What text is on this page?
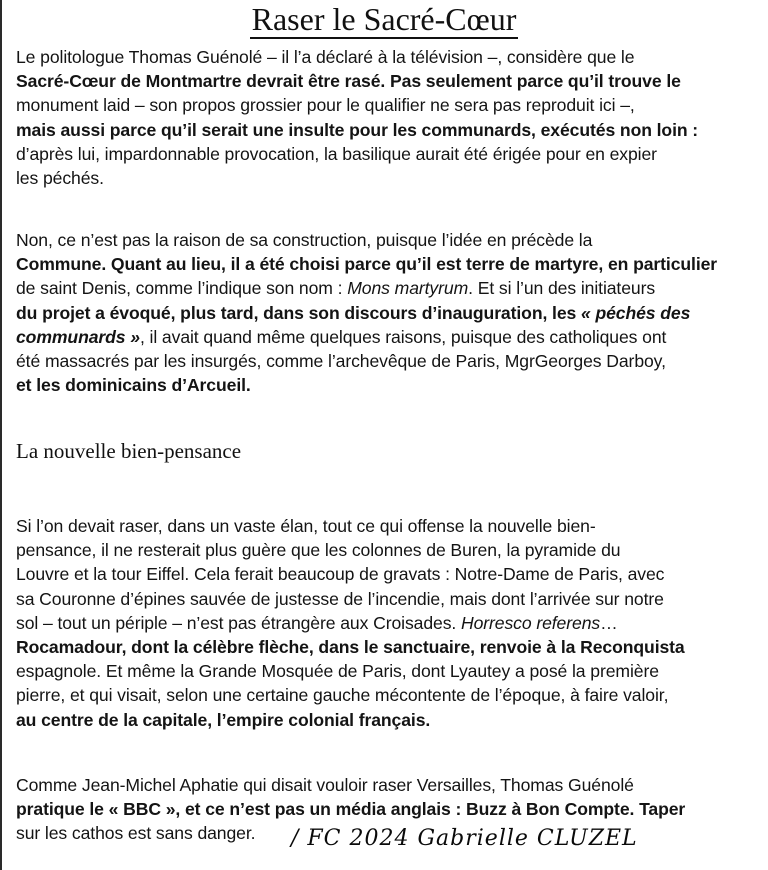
Raser le Sacré-Cœur

Le politologue Thomas Guénolé – il l’a déclaré à la télévision –, considère que le
Sacré-Cœur de Montmartre devrait être rasé. Pas seulement parce qu’il trouve le
monument laid – son propos grossier pour le qualifier ne sera pas reproduit ici –,
mais aussi parce qu’il serait une insulte pour les communards, exécutés non loin :
d’après lui, impardonnable provocation, la basilique aurait été érigée pour en expier
les péchés.

Non, ce n’est pas la raison de sa construction, puisque l’idée en précède la
Commune. Quant au lieu, il a été choisi parce qu’il est terre de martyre, en particulier
de saint Denis, comme l’indique son nom : Mons martyrum. Et si l’un des initiateurs
du projet a évoqué, plus tard, dans son discours d’inauguration, les « péchés des
communards », il avait quand même quelques raisons, puisque des catholiques ont
été massacrés par les insurgés, comme l’archevêque de Paris, MgrGeorges Darboy,
et les dominicains d’Arcueil.

La nouvelle bien-pensance

Si l’on devait raser, dans un vaste élan, tout ce qui offense la nouvelle bien-
pensance, il ne resterait plus guère que les colonnes de Buren, la pyramide du
Louvre et la tour Eiffel. Cela ferait beaucoup de gravats : Notre-Dame de Paris, avec
sa Couronne d’épines sauvée de justesse de l’incendie, mais dont l’arrivée sur notre
sol – tout un périple – n’est pas étrangère aux Croisades. Horresco referens…
Rocamadour, dont la célèbre flèche, dans le sanctuaire, renvoie à la Reconquista
espagnole. Et même la Grande Mosquée de Paris, dont Lyautey a posé la première
pierre, et qui visait, selon une certaine gauche mécontente de l’époque, à faire valoir,
au centre de la capitale, l’empire colonial français.

Comme Jean-Michel Aphatie qui disait vouloir raser Versailles, Thomas Guénolé
pratique le « BBC », et ce n’est pas un média anglais : Buzz à Bon Compte. Taper
sur les cathos est sans danger.	/ FC 2024 Gabrielle CLUZEL
